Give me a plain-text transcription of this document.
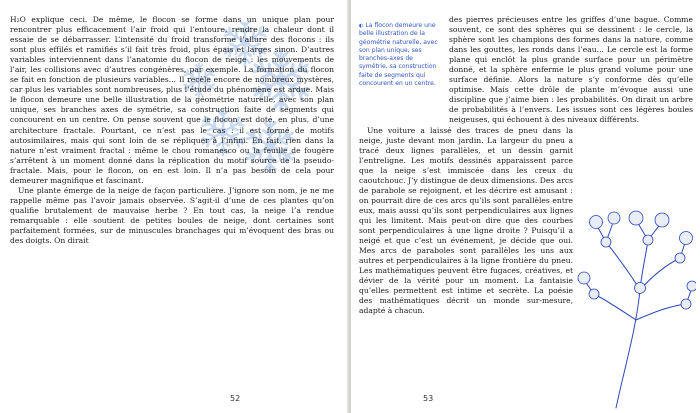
H₂O explique ceci. De même, le flocon se forme dans un unique plan pour rencontrer plus efficacement l’air froid qui l’entoure, rendre la chaleur dont il essaie de se débarrasser. L’intensité du froid transforme l’allure des flocons : ils sont plus effilés et ramifiés s’il fait très froid, plus épais et larges sinon. D’autres variables interviennent dans l’anatomie du flocon de neige : les mouvements de l’air, les collisions avec d’autres congénères, par exemple. La formation du flocon se fait en fonction de plusieurs variables... Il recèle encore de nombreux mystères, car plus les variables sont nombreuses, plus l’étude du phénomène est ardue. Mais le flocon demeure une belle illustration de la géométrie naturelle, avec son plan unique, ses branches axes de symétrie, sa construction faite de segments qui concourent en un centre. On pense souvent que le flocon est doté, en plus, d’une architecture fractale. Pourtant, ce n’est pas le cas : il est formé de motifs autosimilaires, mais qui sont loin de se répliquer à l’infini. En fait, rien dans la nature n’est vraiment fractal : même le chou romanesco ou la feuille de fougère s’arrêtent à un moment donné dans la réplication du motif source de la pseudo-fractale. Mais, pour le flocon, on en est loin. Il n’a pas besoin de cela pour demeurer magnifique et fascinant.

Une plante émerge de la neige de façon particulière. J’ignore son nom, je ne me rappelle même pas l’avoir jamais observée. S’agit-il d’une de ces plantes qu’on qualifie brutalement de mauvaise herbe ? En tout cas, la neige l’a rendue remarquable : elle soutient de petites boules de neige, dont certaines sont parfaitement formées, sur de minuscules branchages qui m’évoquent des bras ou des doigts. On dirait

52
◐ La flocon demeure une belle illustration de la géométrie naturelle, avec son plan unique, ses branches-axes de symétrie, sa construction faite de segments qui concourent en un centre.

des pierres précieuses entre les griffes d’une bague. Comme souvent, ce sont des sphères qui se dessinent : le cercle, la sphère sont les champions des formes dans la nature, comme dans les gouttes, les ronds dans l’eau... Le cercle est la forme plane qui enclôt la plus grande surface pour un périmètre donné, et la sphère enferme le plus grand volume pour une surface définie. Alors la nature s’y conforme dès qu’elle optimise. Mais cette drôle de plante m’évoque aussi une discipline que j’aime bien : les probabilités. On dirait un arbre de probabilités à l’envers. Les issues sont ces légères boules neigeuses, qui échouent à des niveaux différents.

Une voiture a laissé des traces de pneu dans la neige, juste devant mon jardin. La largeur du pneu a tracé deux lignes parallèles, et un dessin garnit l’entreligne. Les motifs dessinés apparaissent parce que la neige s’est immiscée dans les creux du caoutchouc. J’y distingue de deux dimensions. Des arcs de parabole se rejoignent, et les décrire est amusant : on pourrait dire de ces arcs qu’ils sont parallèles entre eux, mais aussi qu’ils sont perpendiculaires aux lignes qui les limitent. Mais peut-on dire que des courbes sont perpendiculaires à une ligne droite ? Puisqu’il a neigé et que c’est un événement, je décide que oui. Mes arcs de paraboles sont parallèles les uns aux autres et perpendiculaires à la ligne frontière du pneu. Les mathématiques peuvent être fugaces, créatives, et dévier de la vérité pour un moment. La fantaisie qu’elles permettent est intime et secrète. La poésie des mathématiques décrit un monde sur-mesure, adapté à chacun.

53
